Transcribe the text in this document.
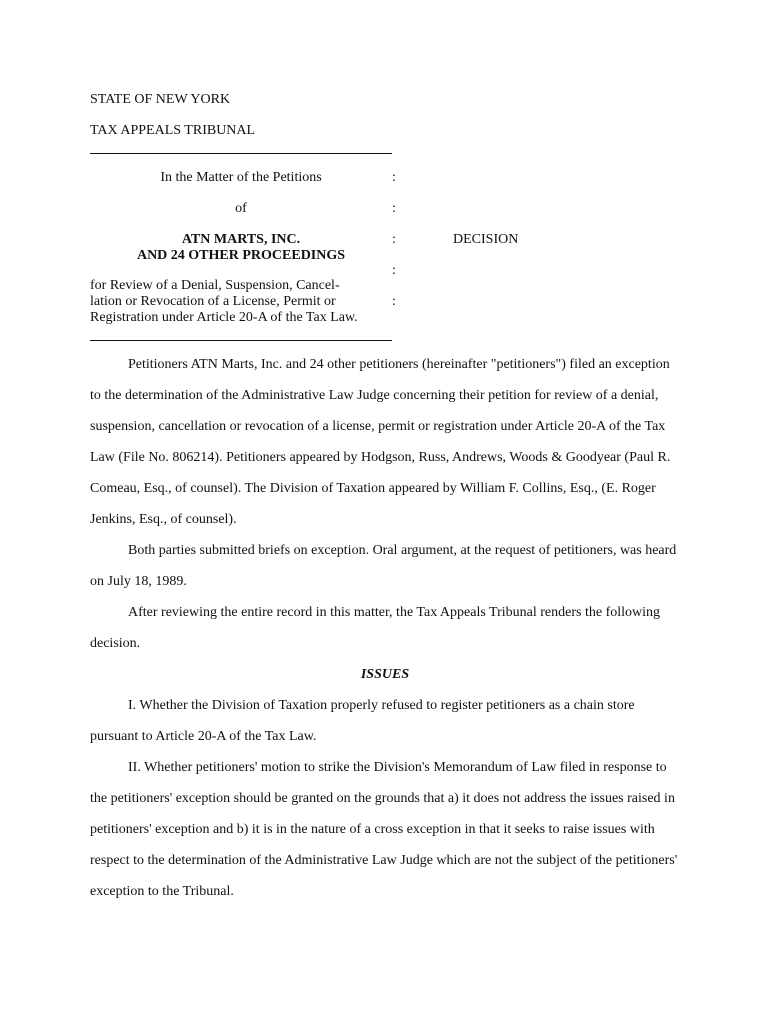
STATE OF NEW YORK
TAX APPEALS TRIBUNAL
In the Matter of the Petitions
of
ATN MARTS, INC.
AND 24 OTHER PROCEEDINGS
for Review of a Denial, Suspension, Cancel-
lation or Revocation of a License, Permit or
Registration under Article 20-A of the Tax Law.
:
:
:
:
:
DECISION

Petitioners ATN Marts, Inc. and 24 other petitioners (hereinafter "petitioners") filed an exception to the determination of the Administrative Law Judge concerning their petition for review of a denial, suspension, cancellation or revocation of a license, permit or registration under Article 20-A of the Tax Law (File No. 806214). Petitioners appeared by Hodgson, Russ, Andrews, Woods & Goodyear (Paul R. Comeau, Esq., of counsel). The Division of Taxation appeared by William F. Collins, Esq., (E. Roger Jenkins, Esq., of counsel).

Both parties submitted briefs on exception. Oral argument, at the request of petitioners, was heard on July 18, 1989.

After reviewing the entire record in this matter, the Tax Appeals Tribunal renders the following decision.

ISSUES

I. Whether the Division of Taxation properly refused to register petitioners as a chain store pursuant to Article 20-A of the Tax Law.

II. Whether petitioners' motion to strike the Division's Memorandum of Law filed in response to the petitioners' exception should be granted on the grounds that a) it does not address the issues raised in petitioners' exception and b) it is in the nature of a cross exception in that it seeks to raise issues with respect to the determination of the Administrative Law Judge which are not the subject of the petitioners' exception to the Tribunal.
